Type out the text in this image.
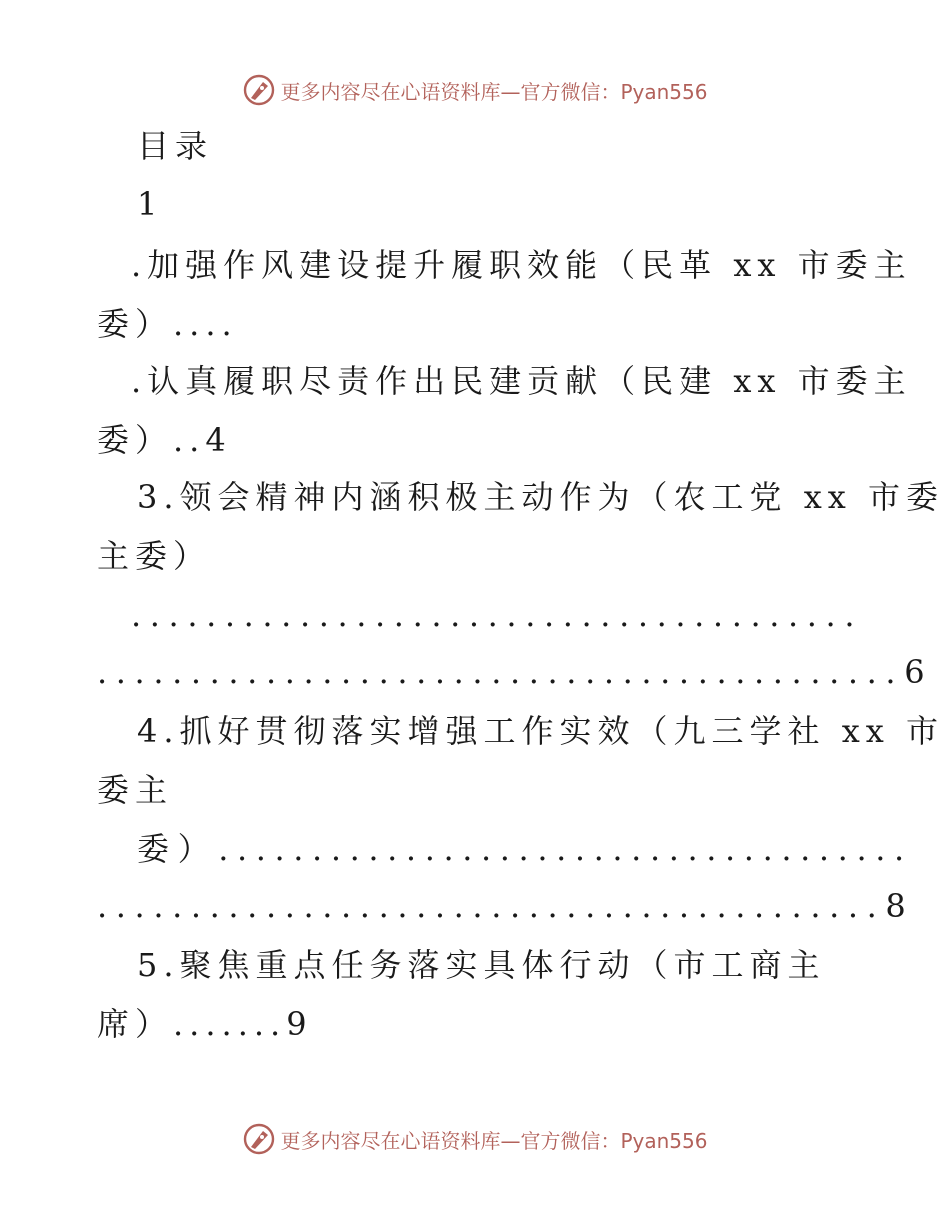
更多内容尽在心语资料库—官方微信：Pyan556
目录
1
.加强作风建设提升履职效能（民革 xx 市委主
委）....
.认真履职尽责作出民建贡献（民建 xx 市委主
委）..4
3.领会精神内涵积极主动作为（农工党 xx 市委
主委）
.......................................
...........................................6
4.抓好贯彻落实增强工作实效（九三学社 xx 市
委主
委）.....................................
..........................................8
5.聚焦重点任务落实具体行动（市工商主
席）.......9
更多内容尽在心语资料库—官方微信：Pyan556
